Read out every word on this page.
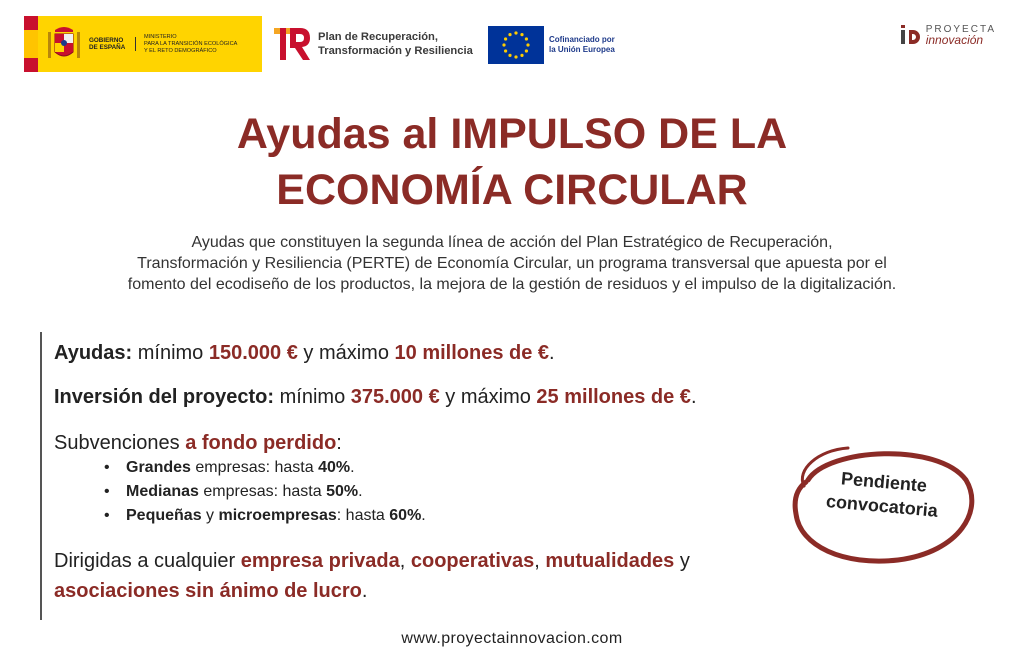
GOBIERNO
DE ESPAÑA
MINISTERIO
PARA LA TRANSICIÓN ECOLÓGICA
Y EL RETO DEMOGRÁFICO
Plan de Recuperación,
Transformación y Resiliencia
Cofinanciado por
la Unión Europea
PROYECTA
innovación
Ayudas al IMPULSO DE LA
ECONOMÍA CIRCULAR

Ayudas que constituyen la segunda línea de acción del Plan Estratégico de Recuperación,
Transformación y Resiliencia (PERTE) de Economía Circular, un programa transversal que apuesta por el
fomento del ecodiseño de los productos, la mejora de la gestión de residuos y el impulso de la digitalización.

Ayudas: mínimo 150.000 € y máximo 10 millones de €.

Inversión del proyecto: mínimo 375.000 € y máximo 25 millones de €.

Subvenciones a fondo perdido:

• Grandes empresas: hasta 40%.
• Medianas empresas: hasta 50%.
• Pequeñas y microempresas: hasta 60%.

Dirigidas a cualquier empresa privada, cooperativas, mutualidades y

asociaciones sin ánimo de lucro.

Pendiente
convocatoria
www.proyectainnovacion.com
